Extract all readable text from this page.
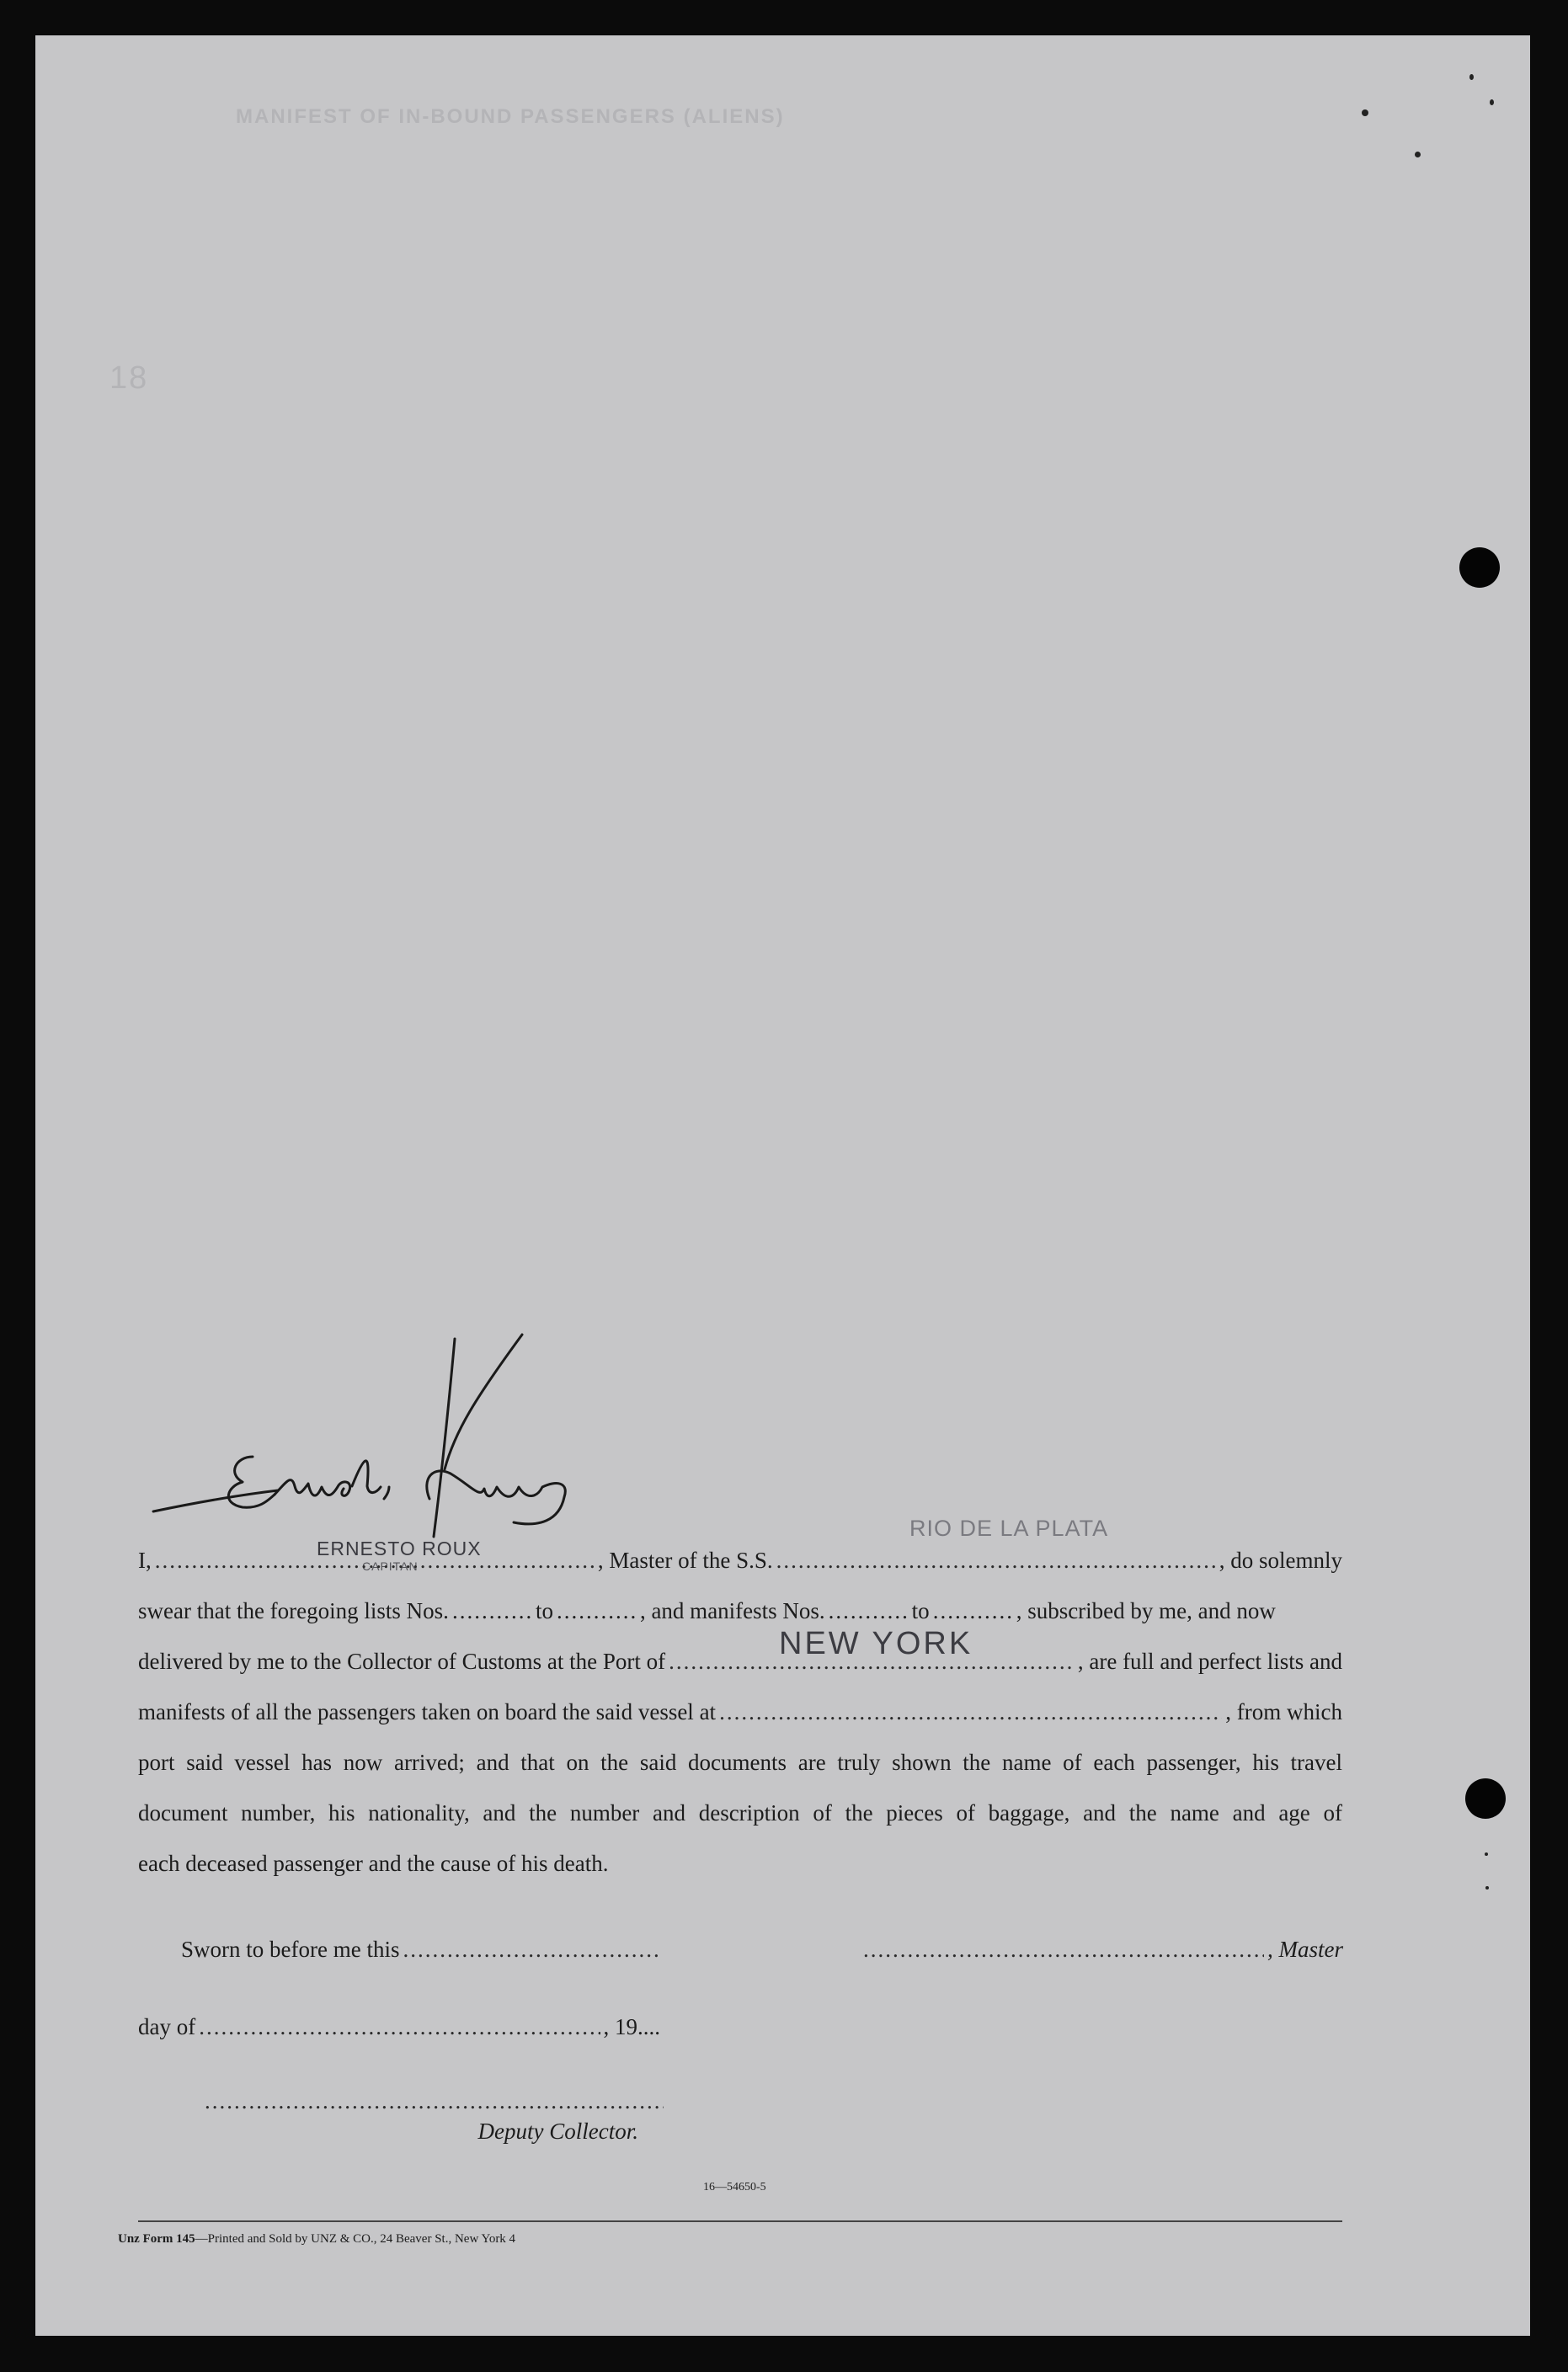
MANIFEST OF IN-BOUND PASSENGERS (ALIENS)
18
ERNESTO ROUX
CAPITAN
RIO DE LA PLATA
NEW YORK
I, .....	, Master of the S.S. .....	, do solemnly
swear that the foregoing lists Nos. .....	to .....	, and manifests Nos. .....	to .....	, subscribed by me, and now
delivered by me to the Collector of Customs at the Port of .....	, are full and perfect lists and
manifests of all the passengers taken on board the said vessel at .....	, from which
port said vessel has now arrived; and that on the said documents are truly shown the name of each passenger, his travel
document number, his nationality, and the number and description of the pieces of baggage, and the name and age of
each deceased passenger and the cause of his death.
Sworn to before me this ..... .....	, Master
day of .....	, 19....
.....
Deputy Collector.
16—54650-5
Unz Form 145—Printed and Sold by UNZ & CO., 24 Beaver St., New York 4
